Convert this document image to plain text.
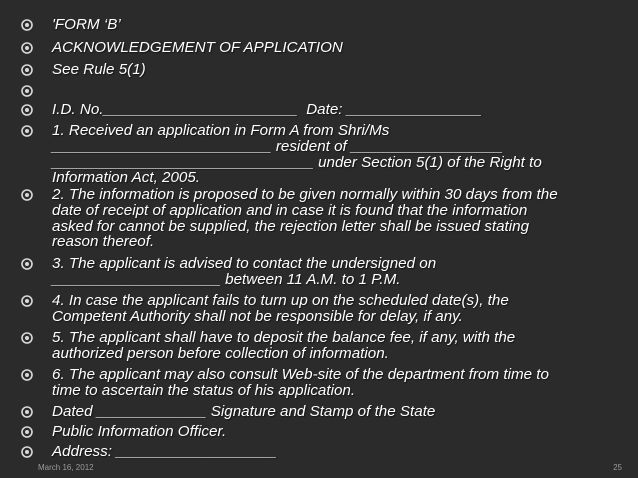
'FORM ‘B’
ACKNOWLEDGEMENT OF APPLICATION
See Rule 5(1)
I.D. No._______________________  Date: ________________
1. Received an application in Form A from Shri/Ms
__________________________ resident of __________________
_______________________________ under Section 5(1) of the Right to
Information Act, 2005.
2. The information is proposed to be given normally within 30 days from the
date of receipt of application and in case it is found that the information
asked for cannot be supplied, the rejection letter shall be issued stating
reason thereof.
3. The applicant is advised to contact the undersigned on
____________________ between 11 A.M. to 1 P.M.
4. In case the applicant fails to turn up on the scheduled date(s), the
Competent Authority shall not be responsible for delay, if any.
5. The applicant shall have to deposit the balance fee, if any, with the
authorized person before collection of information.
6. The applicant may also consult Web-site of the department from time to
time to ascertain the status of his application.
Dated _____________ Signature and Stamp of the State
Public Information Officer.
Address: ___________________
March 16, 2012	25
